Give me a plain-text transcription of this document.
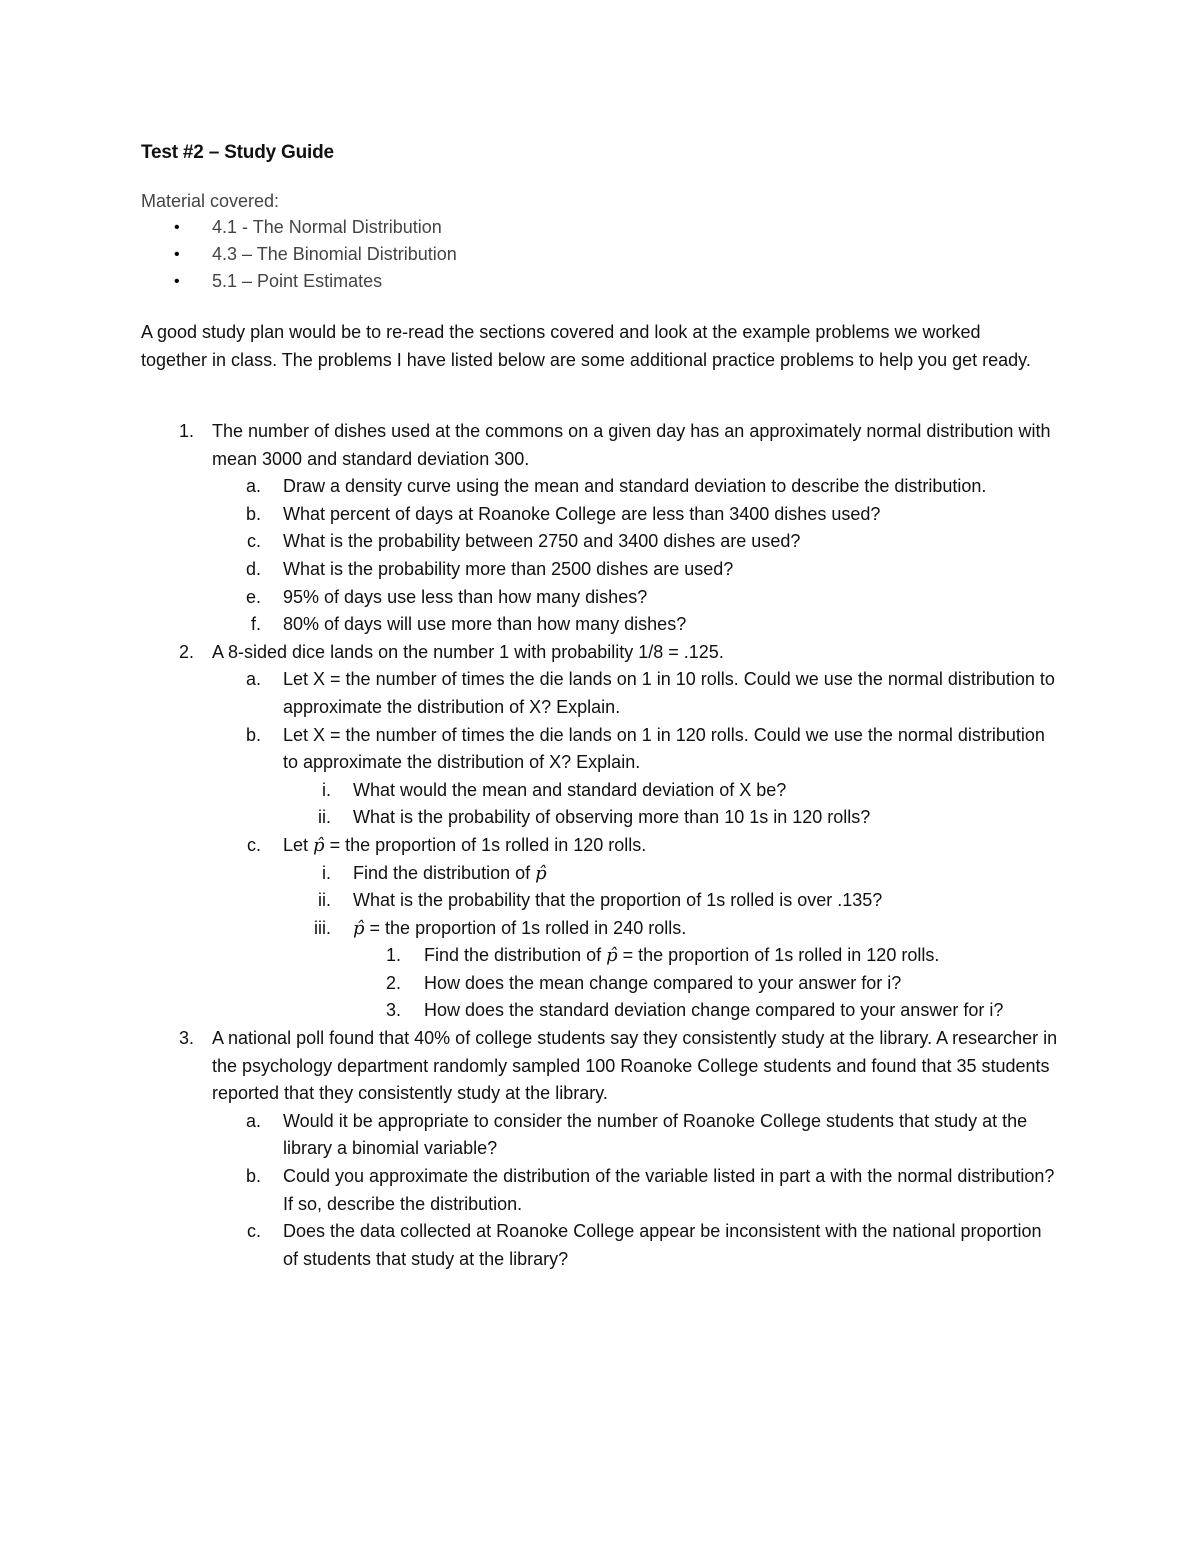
Test #2 – Study Guide

Material covered:

• 4.1 - The Normal Distribution
• 4.3 – The Binomial Distribution
• 5.1 – Point Estimates

A good study plan would be to re-read the sections covered and look at the example problems we worked together in class. The problems I have listed below are some additional practice problems to help you get ready.

1. The number of dishes used at the commons on a given day has an approximately normal distribution with mean 3000 and standard deviation 300.
a. Draw a density curve using the mean and standard deviation to describe the distribution.
b. What percent of days at Roanoke College are less than 3400 dishes used?
c. What is the probability between 2750 and 3400 dishes are used?
d. What is the probability more than 2500 dishes are used?
e. 95% of days use less than how many dishes?
f. 80% of days will use more than how many dishes?
2. A 8-sided dice lands on the number 1 with probability 1/8 = .125.
a. Let X = the number of times the die lands on 1 in 10 rolls. Could we use the normal distribution to approximate the distribution of X? Explain.
b. Let X = the number of times the die lands on 1 in 120 rolls. Could we use the normal distribution to approximate the distribution of X? Explain.
i. What would the mean and standard deviation of X be?
ii. What is the probability of observing more than 10 1s in 120 rolls?
c. Let p̂ = the proportion of 1s rolled in 120 rolls.
i. Find the distribution of p̂
ii. What is the probability that the proportion of 1s rolled is over .135?
iii. p̂ = the proportion of 1s rolled in 240 rolls.
1. Find the distribution of p̂ = the proportion of 1s rolled in 120 rolls.
2. How does the mean change compared to your answer for i?
3. How does the standard deviation change compared to your answer for i?
3. A national poll found that 40% of college students say they consistently study at the library. A researcher in the psychology department randomly sampled 100 Roanoke College students and found that 35 students reported that they consistently study at the library.
a. Would it be appropriate to consider the number of Roanoke College students that study at the library a binomial variable?
b. Could you approximate the distribution of the variable listed in part a with the normal distribution? If so, describe the distribution.
c. Does the data collected at Roanoke College appear be inconsistent with the national proportion of students that study at the library?
